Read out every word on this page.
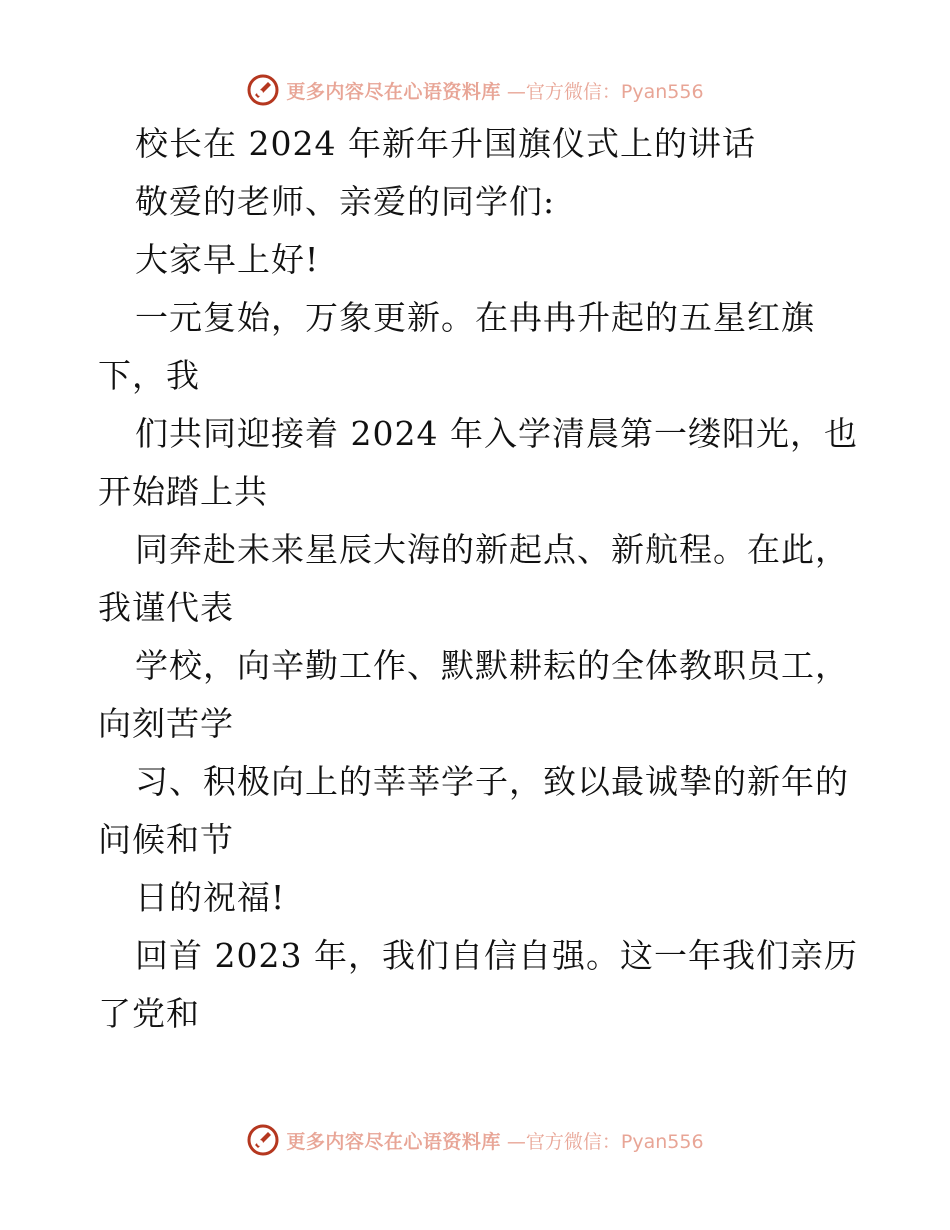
更多内容尽在心语资料库 —官方微信：Pyan556
校长在 2024 年新年升国旗仪式上的讲话
敬爱的老师、亲爱的同学们:
大家早上好!
一元复始，万象更新。在冉冉升起的五星红旗
下，我
们共同迎接着 2024 年入学清晨第一缕阳光，也
开始踏上共
同奔赴未来星辰大海的新起点、新航程。在此，
我谨代表
学校，向辛勤工作、默默耕耘的全体教职员工，
向刻苦学
习、积极向上的莘莘学子，致以最诚挚的新年的
问候和节
日的祝福!
回首 2023 年，我们自信自强。这一年我们亲历
了党和
更多内容尽在心语资料库 —官方微信：Pyan556
